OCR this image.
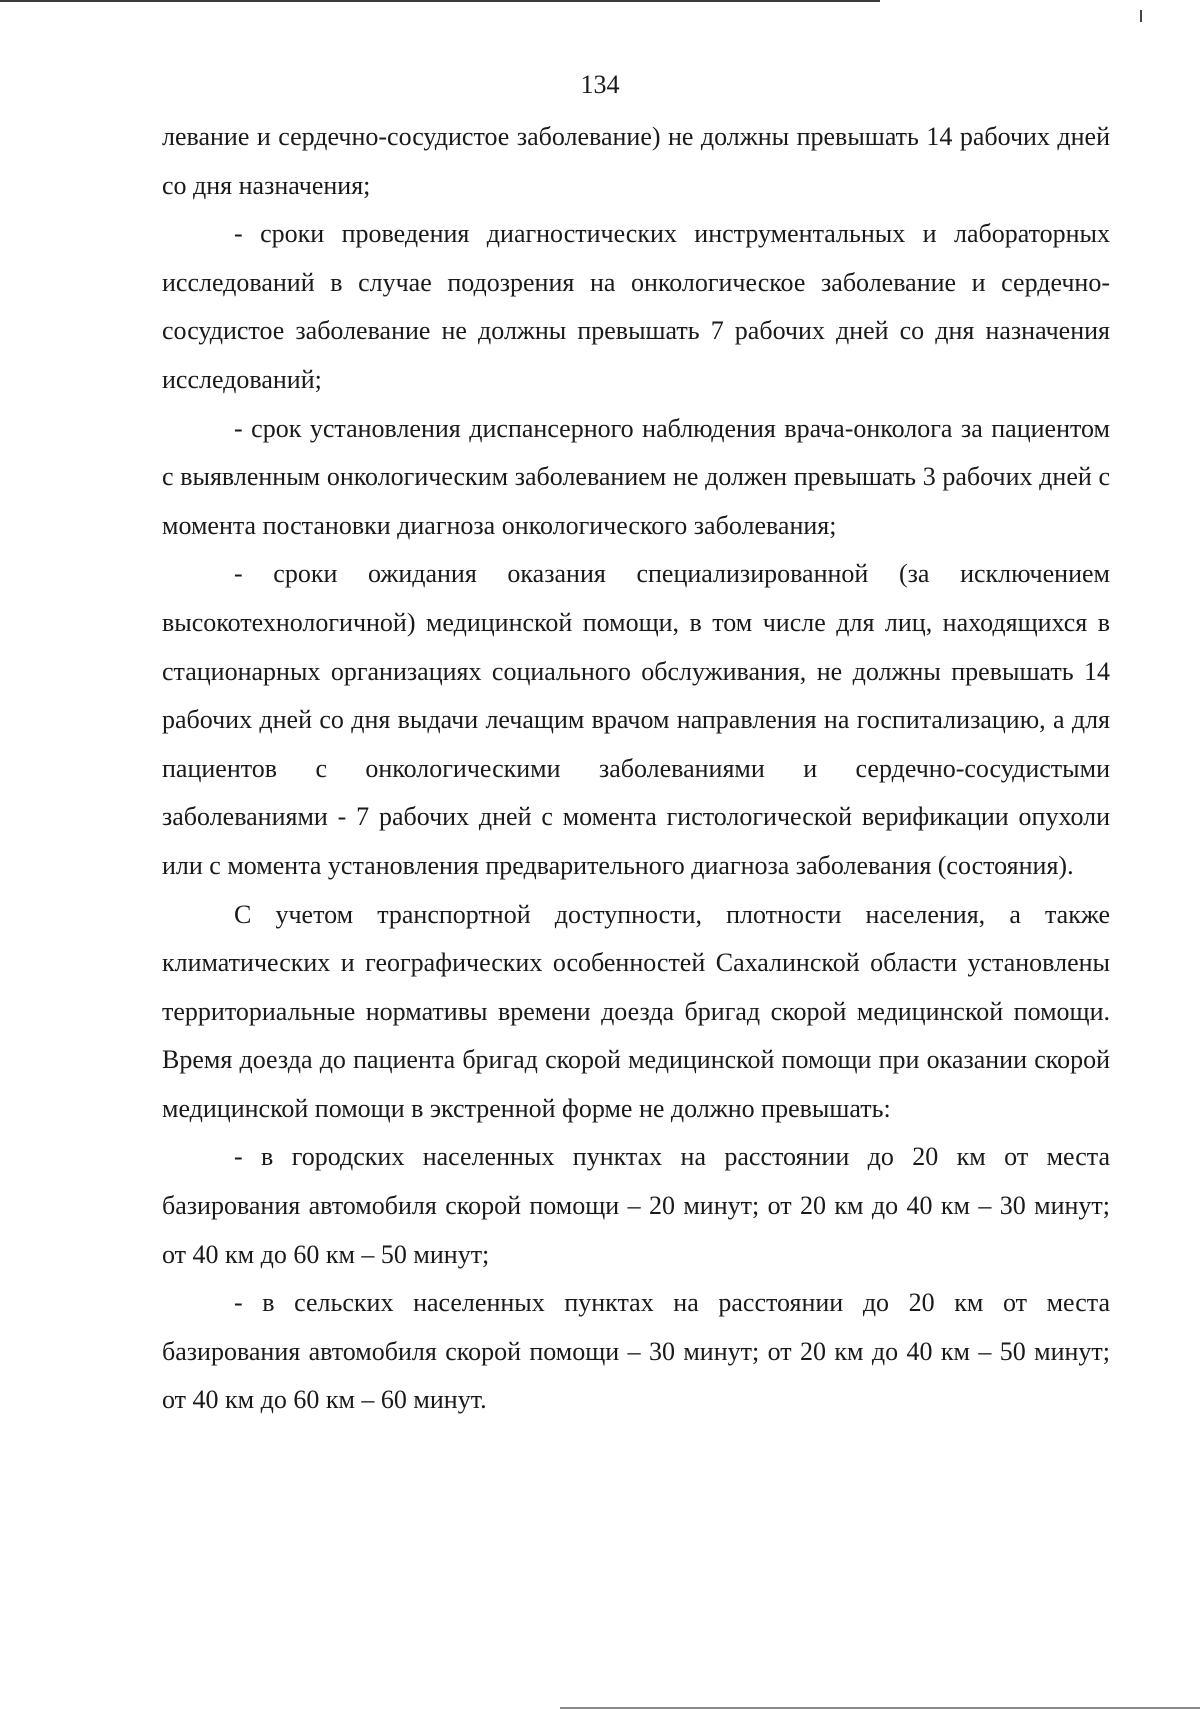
134

левание и сердечно-сосудистое заболевание) не должны превышать 14 рабочих дней со дня назначения;

- сроки проведения диагностических инструментальных и лабораторных исследований в случае подозрения на онкологическое заболевание и сердечно-сосудистое заболевание не должны превышать 7 рабочих дней со дня назначения исследований;

- срок установления диспансерного наблюдения врача-онколога за пациентом с выявленным онкологическим заболеванием не должен превышать 3 рабочих дней с момента постановки диагноза онкологического заболевания;

- сроки ожидания оказания специализированной (за исключением высокотехнологичной) медицинской помощи, в том числе для лиц, находящихся в стационарных организациях социального обслуживания, не должны превышать 14 рабочих дней со дня выдачи лечащим врачом направления на госпитализацию, а для пациентов с онкологическими заболеваниями и сердечно-сосудистыми заболеваниями - 7 рабочих дней с момента гистологической верификации опухоли или с момента установления предварительного диагноза заболевания (состояния).

С учетом транспортной доступности, плотности населения, а также климатических и географических особенностей Сахалинской области установлены территориальные нормативы времени доезда бригад скорой медицинской помощи. Время доезда до пациента бригад скорой медицинской помощи при оказании скорой медицинской помощи в экстренной форме не должно превышать:

- в городских населенных пунктах на расстоянии до 20 км от места базирования автомобиля скорой помощи – 20 минут; от 20 км до 40 км – 30 минут; от 40 км до 60 км – 50 минут;

- в сельских населенных пунктах на расстоянии до 20 км от места базирования автомобиля скорой помощи – 30 минут; от 20 км до 40 км – 50 минут; от 40 км до 60 км – 60 минут.
